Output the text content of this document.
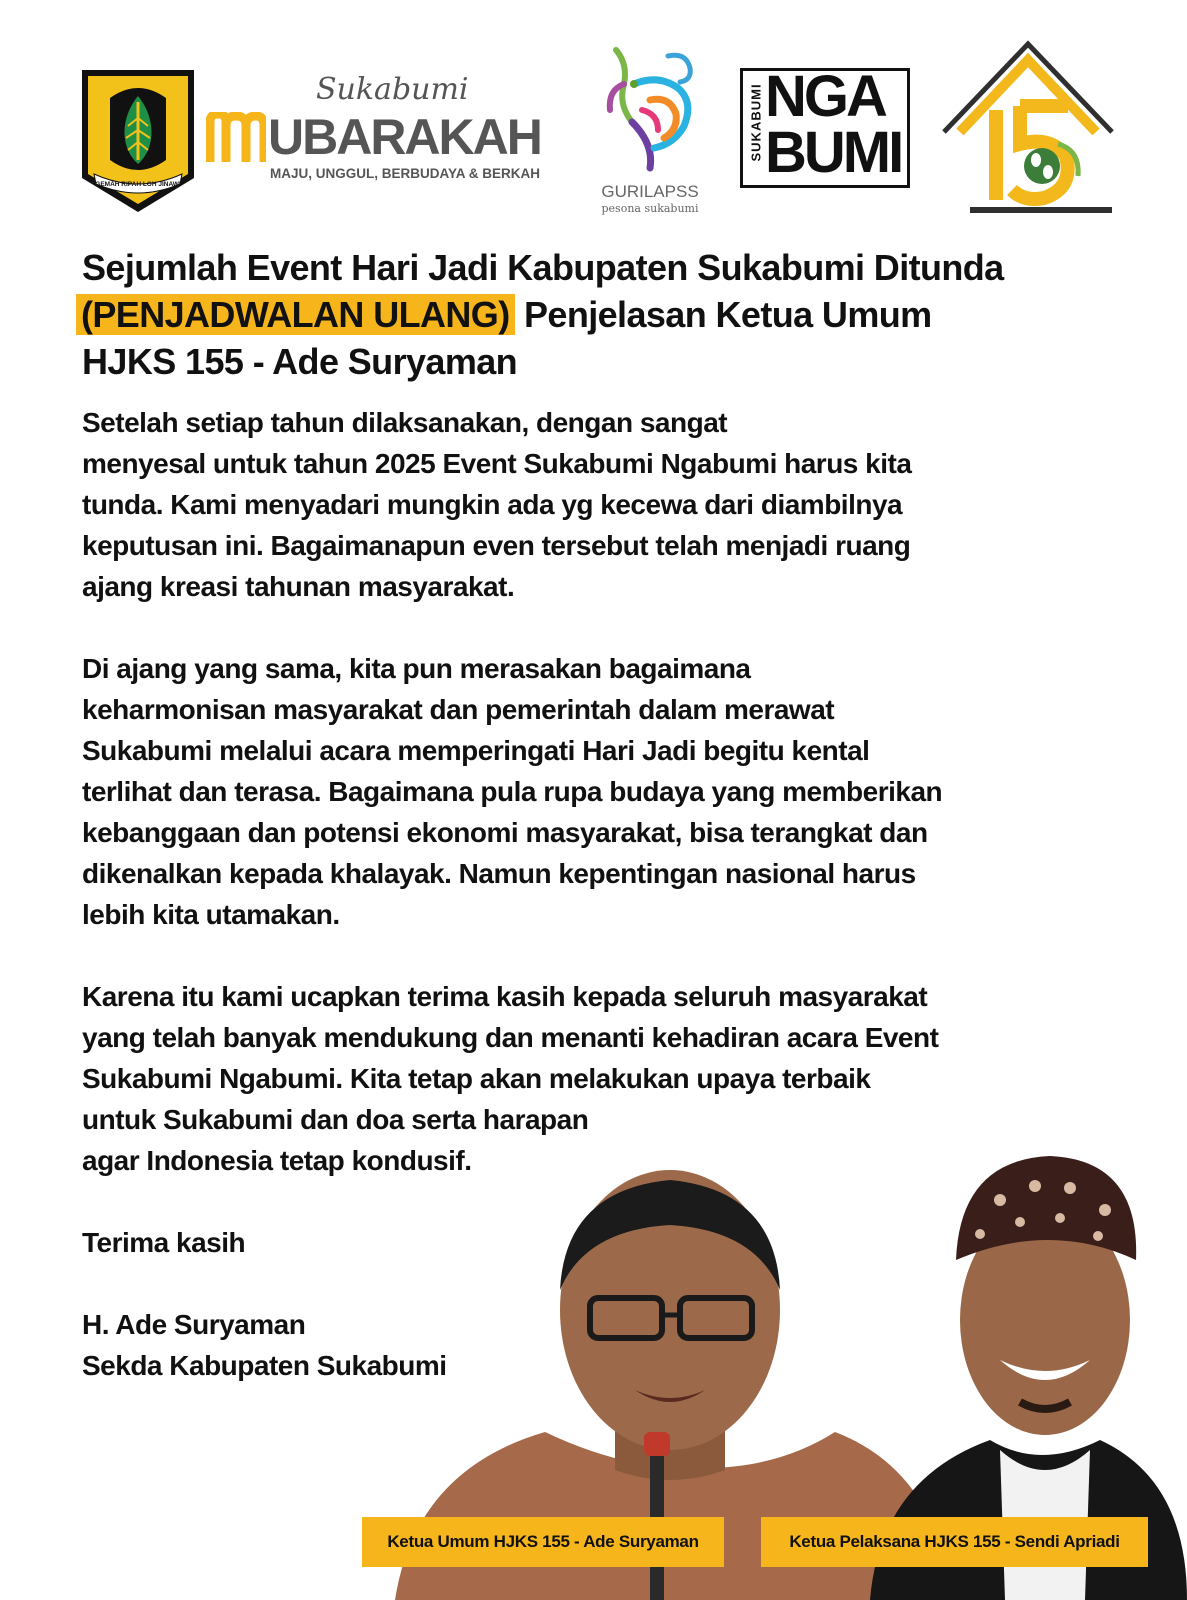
GEMAH RIPAH LOH JINAWI
Sukabumi
UBARAKAH
MAJU, UNGGUL, BERBUDAYA & BERKAH
GURILAPSS
pesona sukabumi
SUKABUMI NGA
BUMI
Sejumlah Event Hari Jadi Kabupaten Sukabumi Ditunda
(PENJADWALAN ULANG) Penjelasan Ketua Umum
HJKS 155 - Ade Suryaman

Setelah setiap tahun dilaksanakan, dengan sangat
menyesal untuk tahun 2025 Event Sukabumi Ngabumi harus kita
tunda. Kami menyadari mungkin ada yg kecewa dari diambilnya
keputusan ini. Bagaimanapun even tersebut telah menjadi ruang
ajang kreasi tahunan masyarakat.

Di ajang yang sama, kita pun merasakan bagaimana
keharmonisan masyarakat dan pemerintah dalam merawat
Sukabumi melalui acara memperingati Hari Jadi begitu kental
terlihat dan terasa. Bagaimana pula rupa budaya yang memberikan
kebanggaan dan potensi ekonomi masyarakat, bisa terangkat dan
dikenalkan kepada khalayak. Namun kepentingan nasional harus
lebih kita utamakan.

Karena itu kami ucapkan terima kasih kepada seluruh masyarakat
yang telah banyak mendukung dan menanti kehadiran acara Event
Sukabumi Ngabumi. Kita tetap akan melakukan upaya terbaik
untuk Sukabumi dan doa serta harapan
agar Indonesia tetap kondusif.

Terima kasih
H. Ade Suryaman
Sekda Kabupaten Sukabumi
Ketua Umum HJKS 155 - Ade Suryaman	Ketua Pelaksana HJKS 155 - Sendi Apriadi
